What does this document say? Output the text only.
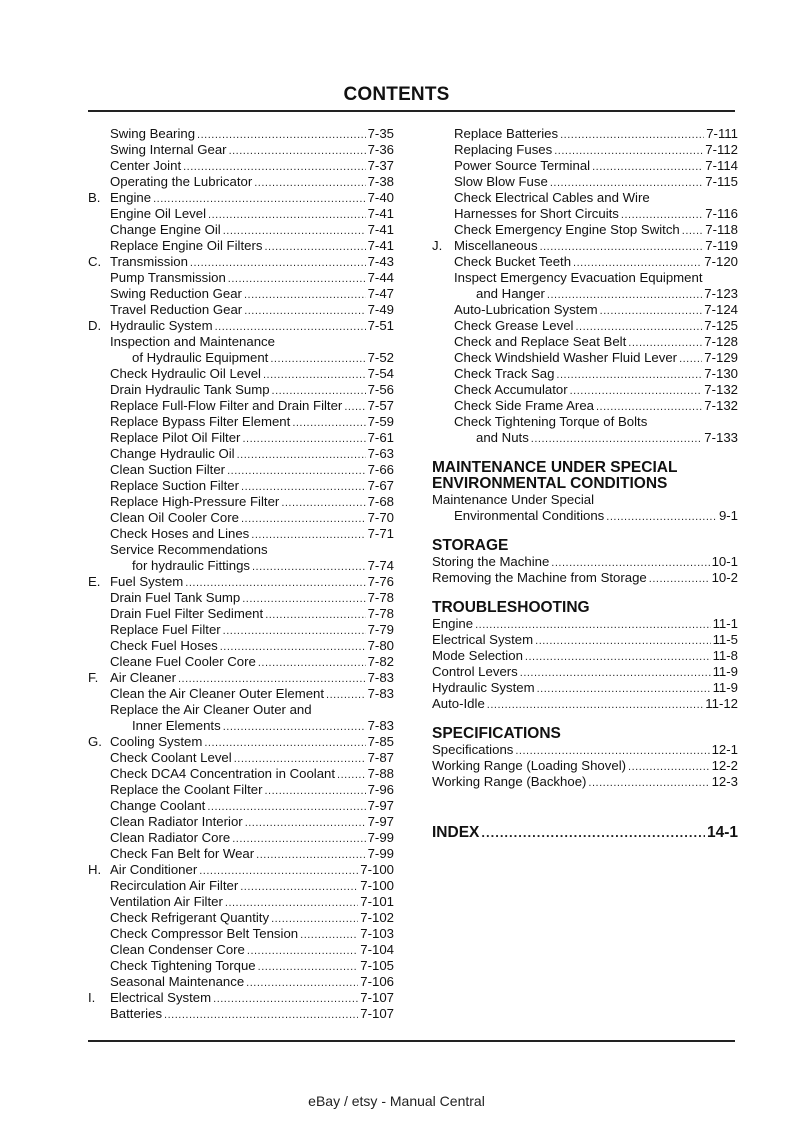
CONTENTS
Swing Bearing .....	7-35
Swing Internal Gear .....	7-36
Center Joint .....	7-37
Operating the Lubricator .....	7-38
B. Engine .....	7-40
Engine Oil Level .....	7-41
Change Engine Oil .....	7-41
Replace Engine Oil Filters .....	7-41
C. Transmission .....	7-43
Pump Transmission .....	7-44
Swing Reduction Gear .....	7-47
Travel Reduction Gear .....	7-49
D. Hydraulic System .....	7-51
Inspection and Maintenance
of Hydraulic Equipment .....	7-52
Check Hydraulic Oil Level .....	7-54
Drain Hydraulic Tank Sump .....	7-56
Replace Full-Flow Filter and Drain Filter ..... 7-57
Replace Bypass Filter Element .....	7-59
Replace Pilot Oil Filter .....	7-61
Change Hydraulic Oil .....	7-63
Clean Suction Filter .....	7-66
Replace Suction Filter .....	7-67
Replace High-Pressure Filter .....	7-68
Clean Oil Cooler Core .....	7-70
Check Hoses and Lines .....	7-71
Service Recommendations
for hydraulic Fittings .....	7-74
E. Fuel System .....	7-76
Drain Fuel Tank Sump .....	7-78
Drain Fuel Filter Sediment .....	7-78
Replace Fuel Filter .....	7-79
Check Fuel Hoses .....	7-80
Cleane Fuel Cooler Core .....	7-82
F. Air Cleaner .....	7-83
Clean the Air Cleaner Outer Element .....	7-83
Replace the Air Cleaner Outer and
Inner Elements .....	7-83
G. Cooling System .....	7-85
Check Coolant Level .....	7-87
Check DCA4 Concentration in Coolant ..... 7-88
Replace the Coolant Filter .....	7-96
Change Coolant .....	7-97
Clean Radiator Interior .....	7-97
Clean Radiator Core .....	7-99
Check Fan Belt for Wear .....	7-99
H. Air Conditioner .....	7-100
Recirculation Air Filter .....	7-100
Ventilation Air Filter .....	7-101
Check Refrigerant Quantity .....	7-102
Check Compressor Belt Tension .....	7-103
Clean Condenser Core .....	7-104
Check Tightening Torque .....	7-105
Seasonal Maintenance .....	7-106
I.	Electrical System .....	7-107
Batteries .....	7-107
Replace Batteries .....	7-111
Replacing Fuses .....	7-112
Power Source Terminal .....	7-114
Slow Blow Fuse .....	7-115
Check Electrical Cables and Wire
Harnesses for Short Circuits .....	7-116
Check Emergency Engine Stop Switch ..... 7-118
J. Miscellaneous .....	7-119
Check Bucket Teeth .....	7-120
Inspect Emergency Evacuation Equipment
and Hanger .....	7-123
Auto-Lubrication System .....	7-124
Check Grease Level .....	7-125
Check and Replace Seat Belt .....	7-128
Check Windshield Washer Fluid Lever ..... 7-129
Check Track Sag .....	7-130
Check Accumulator .....	7-132
Check Side Frame Area .....	7-132
Check Tightening Torque of Bolts
and Nuts .....	7-133
MAINTENANCE UNDER SPECIAL
ENVIRONMENTAL CONDITIONS
Maintenance Under Special
Environmental Conditions .....	9-1
STORAGE
Storing the Machine .....	10-1
Removing the Machine from Storage .....	10-2
TROUBLESHOOTING
Engine .....	11-1
Electrical System .....	11-5
Mode Selection .....	11-8
Control Levers .....	11-9
Hydraulic System .....	11-9
Auto-Idle .....	11-12
SPECIFICATIONS
Specifications .....	12-1
Working Range (Loading Shovel) .....	12-2
Working Range (Backhoe) .....	12-3
INDEX .....	14-1
eBay / etsy - Manual Central
